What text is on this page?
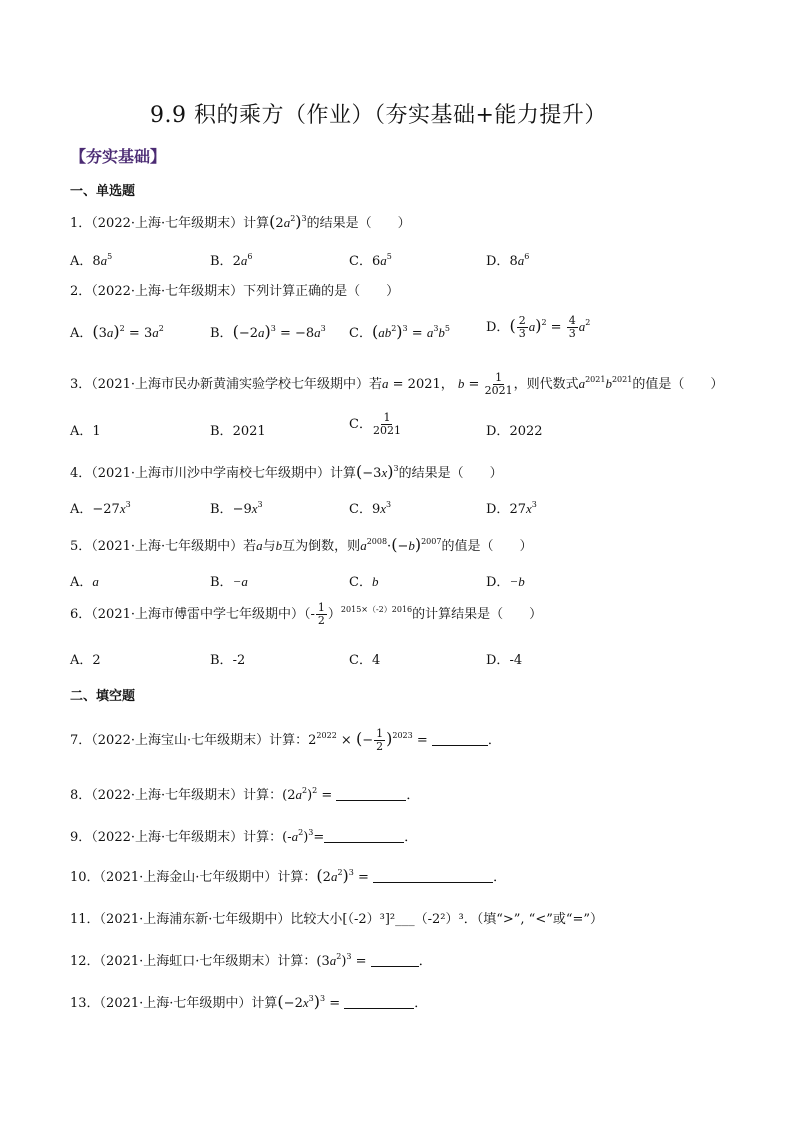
9.9 积的乘方（作业）（夯实基础+能力提升）
【夯实基础】
一、单选题
1．（2022·上海·七年级期末）计算$(2a^2)^3$的结果是（　　）
A．$8a^5$	B．$2a^6$	C．$6a^5$	D．$8a^6$
2．（2022·上海·七年级期末）下列计算正确的是（　　）
A．$(3a)^2 = 3a^2$	B．$(-2a)^3 = -8a^3$ C．$(ab^2)^3 = a^3b^5$	D．( $\frac{2}{3} a)^2 = \frac{4}{3} a^2$
3．（2021·上海市民办新黄浦实验学校七年级期中）若a = 2021， $b = \frac{1}{2021}$ ，则代数式$a^{2021}b^{2021}$的值是（　　）
A．1	B．2021	C． $\frac{1}{2021}$	D．2022
4．（2021·上海市川沙中学南校七年级期中）计算$(-3x)^3$的结果是（　　）
A．$-27x^3$	B．$-9x^3$	C．$9x^3$	D．$27x^3$
5．（2021·上海·七年级期中）若a与b互为倒数，则$a^{2008}\cdot(-b)^{2007}$的值是（　　）
A．a	B．−a	C．b	D．−b
6．（2021·上海市傅雷中学七年级期中）（- $\frac{1}{2} )^{2015\times(-2)2016}$的计算结果是（　　）
A．2	B．-2	C．4	D．-4
二、填空题
7．（2022·上海宝山·七年级期末）计算：$2^{2022}$ × (− $\frac{1}{2} )^{2023}$ =	．
8．（2022·上海·七年级期末）计算：$(2a^2)^2$ =	．
9．（2022·上海·七年级期末）计算：$(-a^2)^3=$	．
10．（2021·上海金山·七年级期中）计算：$(2a^2)^3$ =	．
11．（2021·上海浦东新·七年级期中）比较大小[（-2）³]²___（-2²）³．（填“>”, “<”或“=”）
12．（2021·上海虹口·七年级期末）计算：$(3a^2)^3$ =	．
13．（2021·上海·七年级期中）计算$(-2x^3)^3$ =	．
